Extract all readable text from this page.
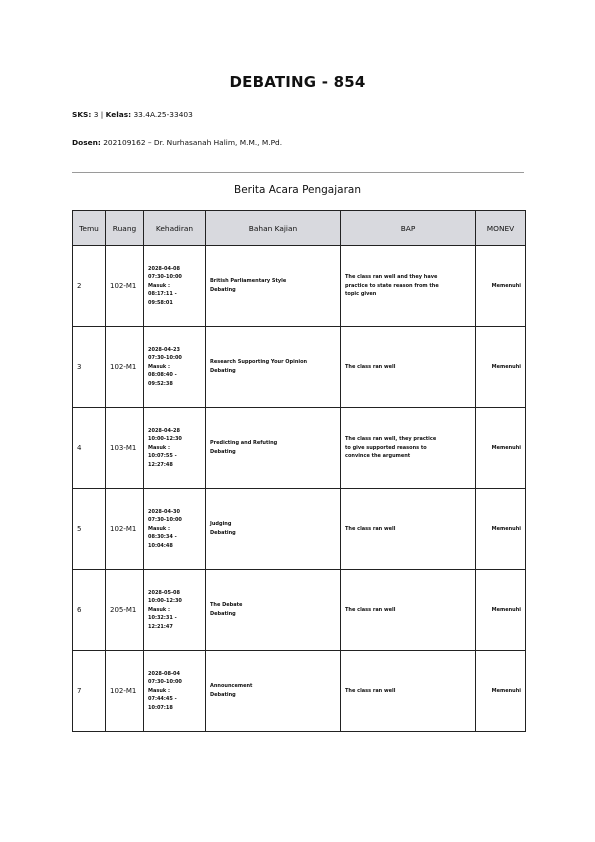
DEBATING - 854
SKS: 3 | Kelas: 33.4A.25-33403
Dosen: 202109162 – Dr. Nurhasanah Halim, M.M., M.Pd.
Berita Acara Pengajaran
Temu	Ruang	Kehadiran	Bahan Kajian	BAP	MONEV
2	102-M1	2028-04-08
07:30-10:00
Masuk :
08:17:11 -
09:58:01	British Parliamentary Style
Debating	The class ran well and they have
practice to state reason from the
topic given	Memenuhi
3	102-M1	2028-04-23
07:30-10:00
Masuk :
08:08:40 -
09:52:38	Research Supporting Your Opinion
Debating	The class ran well	Memenuhi
4	103-M1	2028-04-28
10:00-12:30
Masuk :
10:07:55 -
12:27:48	Predicting and Refuting
Debating	The class ran well, they practice
to give supported reasons to
convince the argument	Memenuhi
5	102-M1	2028-04-30
07:30-10:00
Masuk :
08:30:34 -
10:04:48	Judging
Debating	The class ran well	Memenuhi
6	205-M1	2028-05-08
10:00-12:30
Masuk :
10:32:31 -
12:21:47	The Debate
Debating	The class ran well	Memenuhi
7	102-M1	2028-08-04
07:30-10:00
Masuk :
07:44:45 -
10:07:18	Announcement
Debating	The class ran well	Memenuhi
